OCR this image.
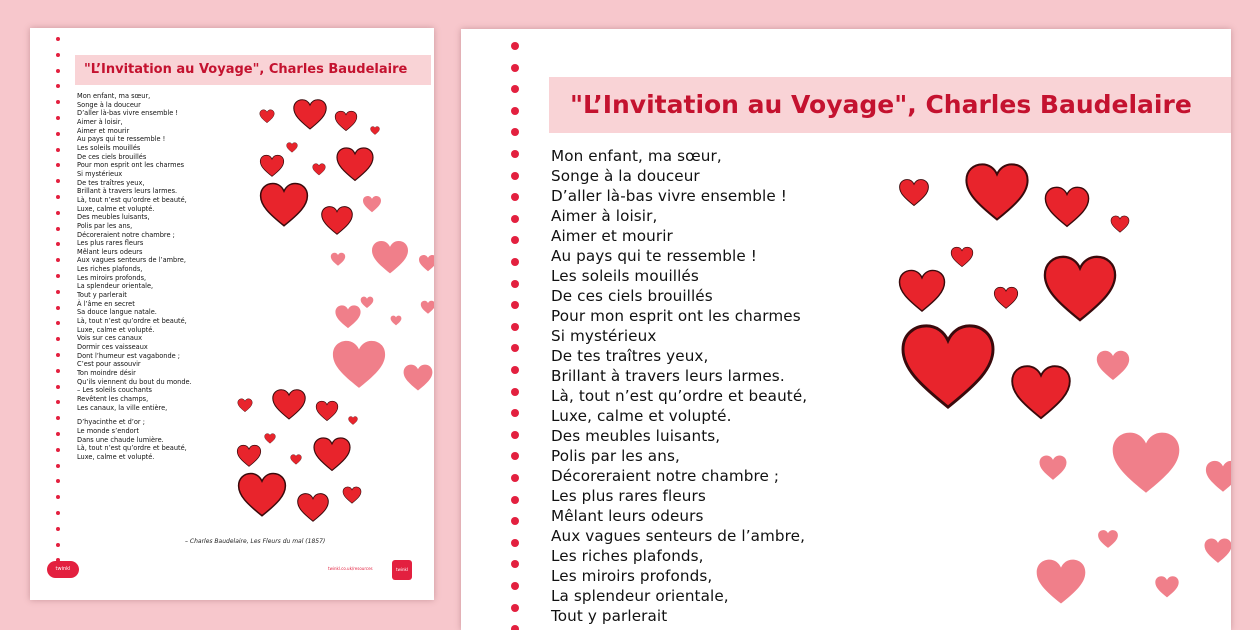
"L’Invitation au Voyage", Charles Baudelaire
Mon enfant, ma sœur,
Songe à la douceur
D’aller là-bas vivre ensemble !
Aimer à loisir,
Aimer et mourir
Au pays qui te ressemble !
Les soleils mouillés
De ces ciels brouillés
Pour mon esprit ont les charmes
Si mystérieux
De tes traîtres yeux,
Brillant à travers leurs larmes.
Là, tout n’est qu’ordre et beauté,
Luxe, calme et volupté.
Des meubles luisants,
Polis par les ans,
Décoreraient notre chambre ;
Les plus rares fleurs
Mêlant leurs odeurs
Aux vagues senteurs de l’ambre,
Les riches plafonds,
Les miroirs profonds,
La splendeur orientale,
Tout y parlerait
À l’âme en secret
Sa douce langue natale.
Là, tout n’est qu’ordre et beauté,
Luxe, calme et volupté.
Vois sur ces canaux
Dormir ces vaisseaux
Dont l’humeur est vagabonde ;
C’est pour assouvir
Ton moindre désir
Qu’ils viennent du bout du monde.
– Les soleils couchants
Revêtent les champs,
Les canaux, la ville entière,
D’hyacinthe et d’or ;
Le monde s’endort
Dans une chaude lumière.
Là, tout n’est qu’ordre et beauté,
Luxe, calme et volupté.
– Charles Baudelaire, Les Fleurs du mal (1857)
twinkl	twinkl.co.uk/resources	twinkl
"L’Invitation au Voyage", Charles Baudelaire
Mon enfant, ma sœur,
Songe à la douceur
D’aller là-bas vivre ensemble !
Aimer à loisir,
Aimer et mourir
Au pays qui te ressemble !
Les soleils mouillés
De ces ciels brouillés
Pour mon esprit ont les charmes
Si mystérieux
De tes traîtres yeux,
Brillant à travers leurs larmes.
Là, tout n’est qu’ordre et beauté,
Luxe, calme et volupté.
Des meubles luisants,
Polis par les ans,
Décoreraient notre chambre ;
Les plus rares fleurs
Mêlant leurs odeurs
Aux vagues senteurs de l’ambre,
Les riches plafonds,
Les miroirs profonds,
La splendeur orientale,
Tout y parlerait
